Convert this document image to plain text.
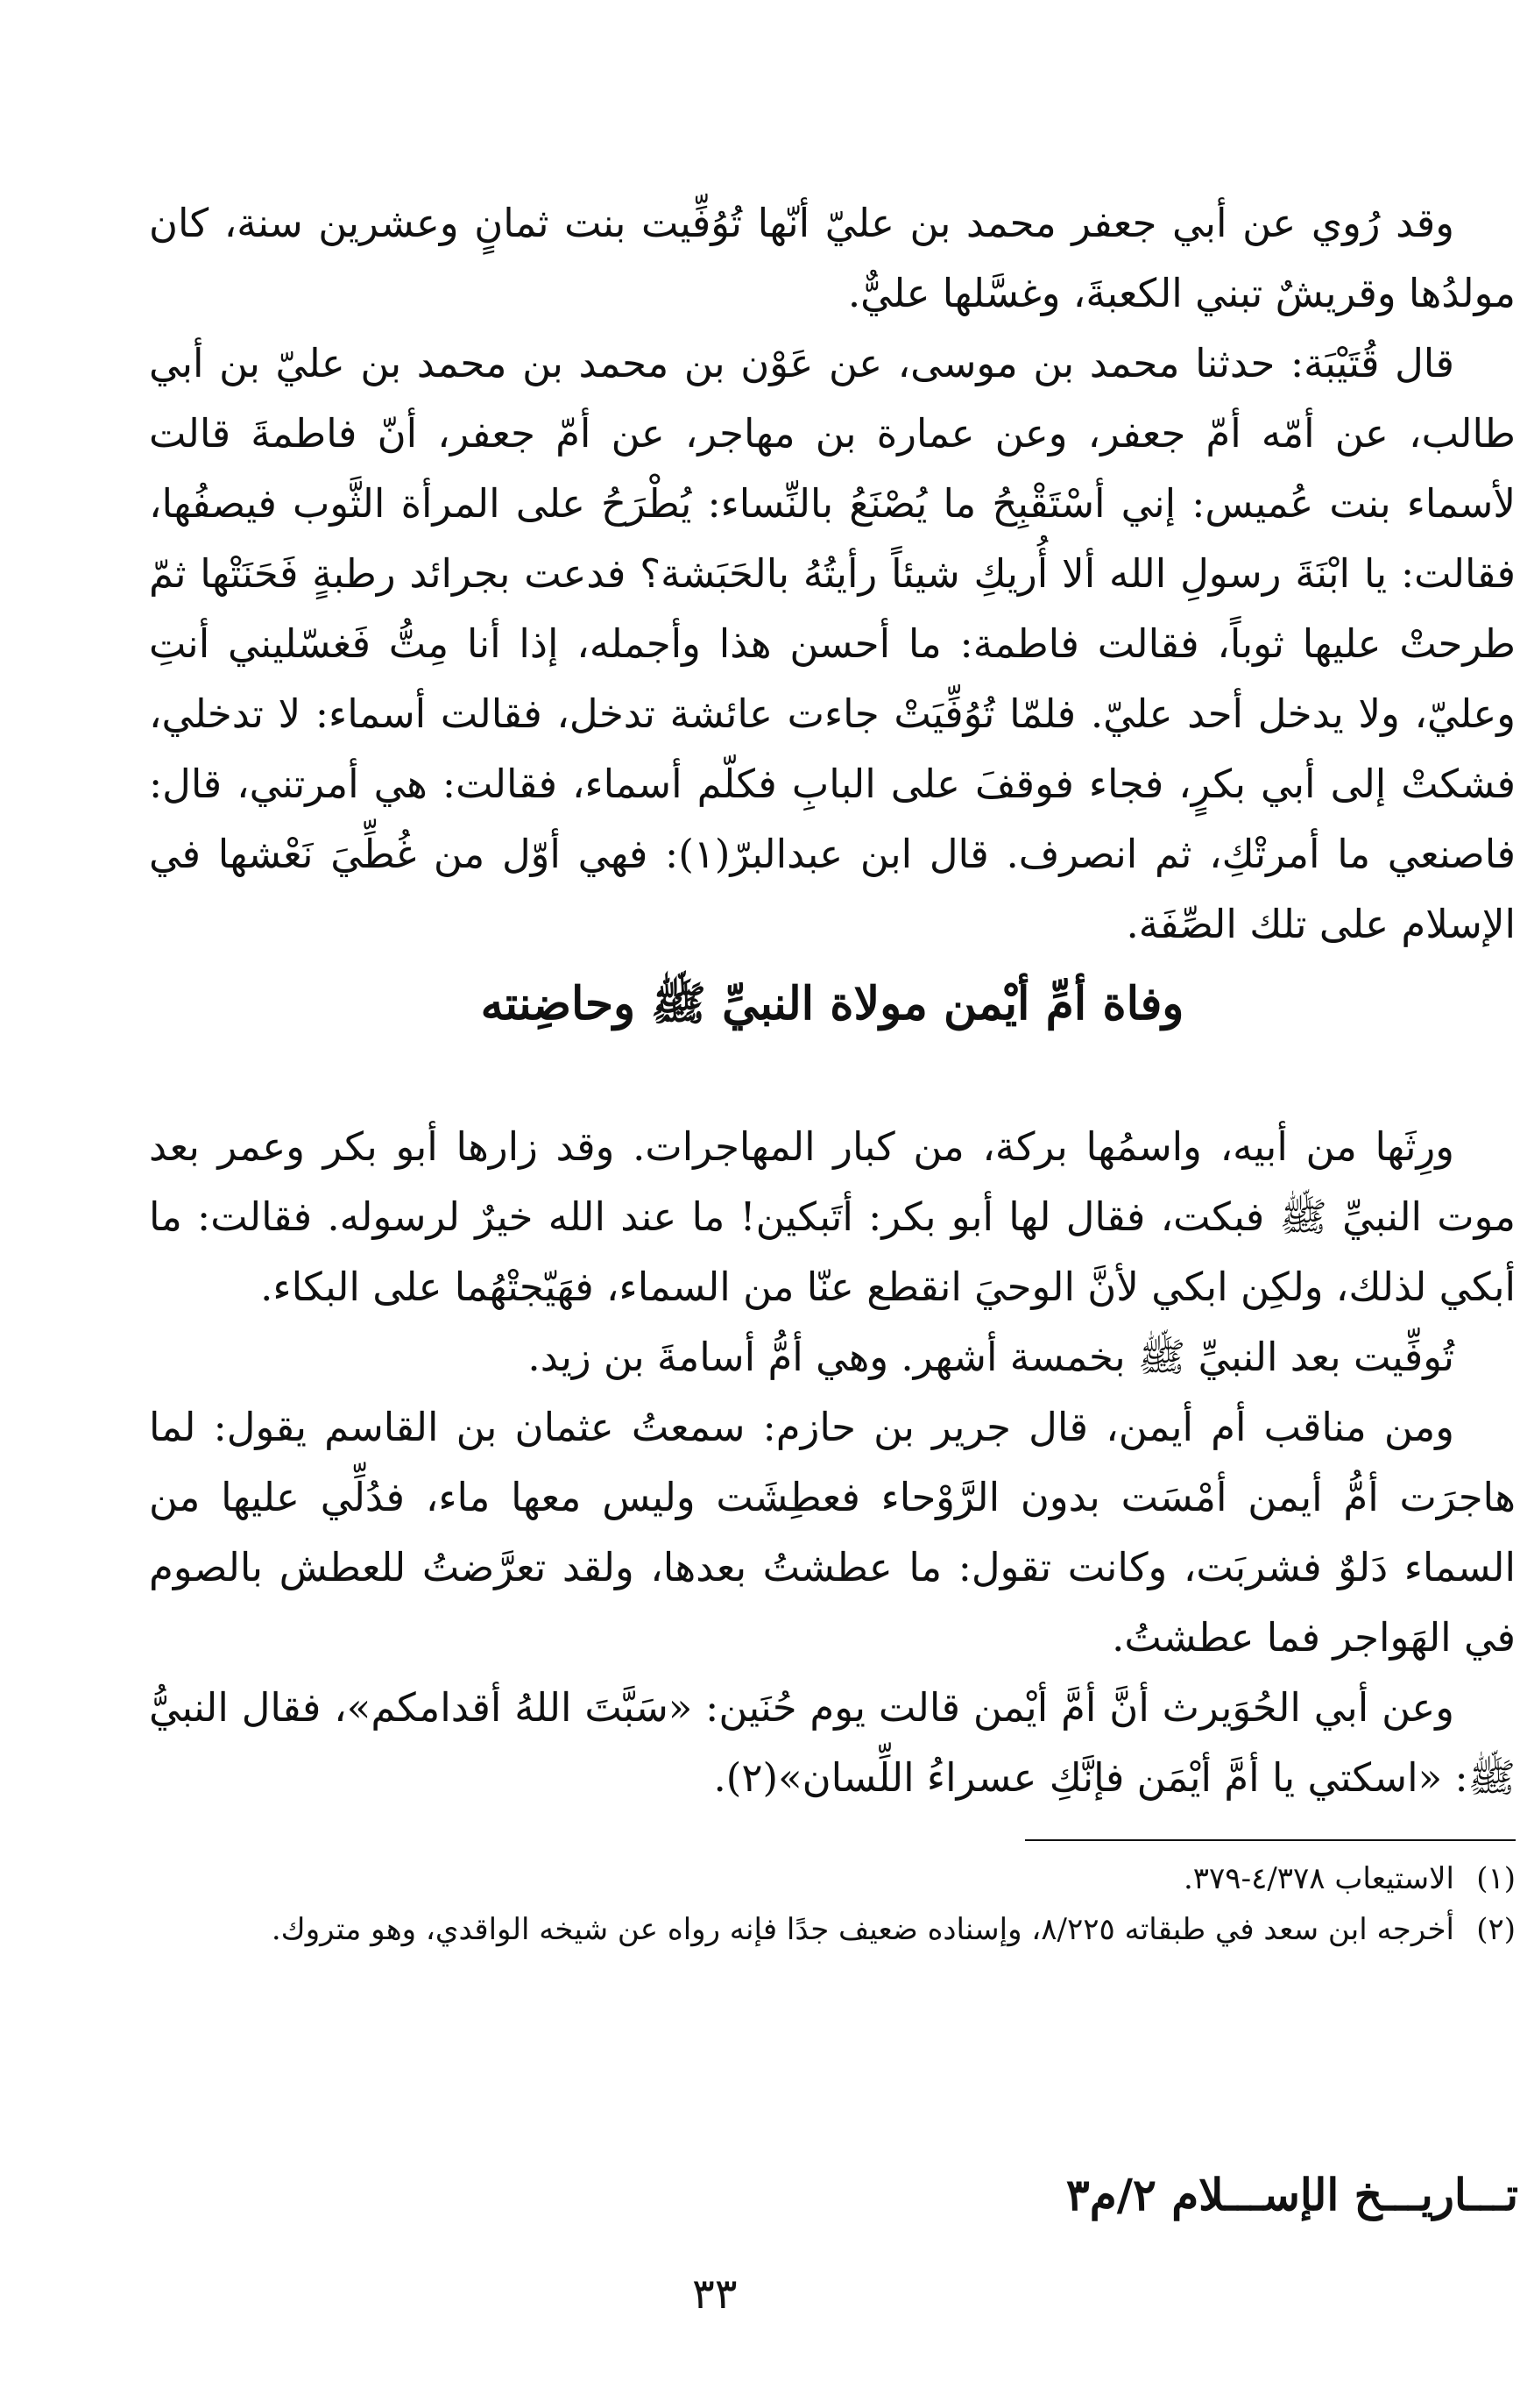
وقد رُوي عن أبي جعفر محمد بن عليّ أنّها تُوُفِّيت بنت ثمانٍ وعشرين سنة، كان مولدُها وقريشٌ تبني الكعبةَ، وغسَّلها عليٌّ.

قال قُتَيْبَة: حدثنا محمد بن موسى، عن عَوْن بن محمد بن محمد بن عليّ بن أبي طالب، عن أمّه أمّ جعفر، وعن عمارة بن مهاجر، عن أمّ جعفر، أنّ فاطمةَ قالت لأسماء بنت عُميس: إني أسْتَقْبِحُ ما يُصْنَعُ بالنِّساء: يُطْرَحُ على المرأة الثَّوب فيصفُها، فقالت: يا ابْنَةَ رسولِ الله ألا أُريكِ شيئاً رأيتُهُ بالحَبَشة؟ فدعت بجرائد رطبةٍ فَحَنَتْها ثمّ طرحتْ عليها ثوباً، فقالت فاطمة: ما أحسن هذا وأجمله، إذا أنا مِتُّ فَغسّليني أنتِ وعليّ، ولا يدخل أحد عليّ. فلمّا تُوُفِّيَتْ جاءت عائشة تدخل، فقالت أسماء: لا تدخلي، فشكتْ إلى أبي بكرٍ، فجاء فوقفَ على البابِ فكلّم أسماء، فقالت: هي أمرتني، قال: فاصنعي ما أمرتْكِ، ثم انصرف. قال ابن عبدالبرّ(١): فهي أوّل من غُطِّيَ نَعْشها في الإسلام على تلك الصِّفَة.

وفاة أمِّ أيْمن مولاة النبيِّ ﷺ وحاضِنته

ورِثَها من أبيه، واسمُها بركة، من كبار المهاجرات. وقد زارها أبو بكر وعمر بعد موت النبيِّ ﷺ فبكت، فقال لها أبو بكر: أتَبكين! ما عند الله خيرٌ لرسوله. فقالت: ما أبكي لذلك، ولكِن ابكي لأنَّ الوحيَ انقطع عنّا من السماء، فهَيّجتْهُما على البكاء.

تُوفِّيت بعد النبيِّ ﷺ بخمسة أشهر. وهي أمُّ أسامةَ بن زيد.

ومن مناقب أم أيمن، قال جرير بن حازم: سمعتُ عثمان بن القاسم يقول: لما هاجرَت أمُّ أيمن أمْسَت بدون الرَّوْحاء فعطِشَت وليس معها ماء، فدُلِّي عليها من السماء دَلوٌ فشربَت، وكانت تقول: ما عطشتُ بعدها، ولقد تعرَّضتُ للعطش بالصوم في الهَواجر فما عطشتُ.

وعن أبي الحُوَيرث أنَّ أمَّ أيْمن قالت يوم حُنَين: «سَبَّتَ اللهُ أقدامكم»، فقال النبيُّ ﷺ: «اسكتي يا أمَّ أيْمَن فإنَّكِ عسراءُ اللِّسان»(٢).

(١)
الاستيعاب ٤/٣٧٨-٣٧٩.
(٢)
أخرجه ابن سعد في طبقاته ٨/٢٢٥، وإسناده ضعيف جدًا فإنه رواه عن شيخه الواقدي، وهو متروك.
تـــاريـــخ الإســـلام ٢/م٣
٣٣
